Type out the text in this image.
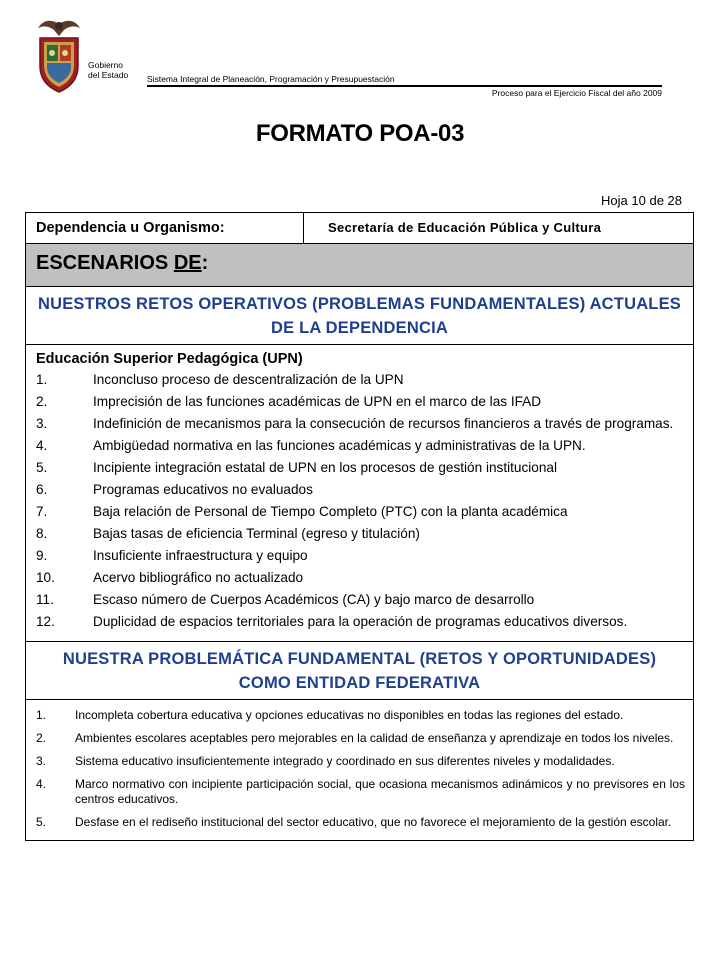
Gobierno
del Estado Sistema Integral de Planeación, Programación y Presupuestación
Proceso para el Ejercicio Fiscal del año 2009
FORMATO POA-03
Hoja 10 de 28
Dependencia u Organismo:	Secretaría de Educación Pública y Cultura
ESCENARIOS DE:
NUESTROS RETOS OPERATIVOS (PROBLEMAS FUNDAMENTALES) ACTUALES DE LA DEPENDENCIA
Educación Superior Pedagógica (UPN)
1.	Inconcluso proceso de descentralización de la UPN
2.	Imprecisión de las funciones académicas de UPN en el marco de las IFAD
3.	Indefinición de mecanismos para la consecución de recursos financieros a través de programas.
4.	Ambigüedad normativa en las funciones académicas y administrativas de la UPN.
5.	Incipiente integración estatal de UPN en los procesos de gestión institucional
6.	Programas educativos no evaluados
7.	Baja relación de Personal de Tiempo Completo (PTC) con la planta académica
8.	Bajas tasas de eficiencia Terminal (egreso y titulación)
9.	Insuficiente infraestructura y equipo
10.	Acervo bibliográfico no actualizado
11.	Escaso número de Cuerpos Académicos (CA) y bajo marco de desarrollo
12.	Duplicidad de espacios territoriales para la operación de programas educativos diversos.
NUESTRA PROBLEMÁTICA FUNDAMENTAL (RETOS Y OPORTUNIDADES) COMO ENTIDAD FEDERATIVA
1.	Incompleta cobertura educativa y opciones educativas no disponibles en todas las regiones del estado.
2.	Ambientes escolares aceptables pero mejorables en la calidad de enseñanza y aprendizaje en todos los niveles.
3.	Sistema educativo insuficientemente integrado y coordinado en sus diferentes niveles y modalidades.
4.	Marco normativo con incipiente participación social, que ocasiona mecanismos adinámicos y no previsores en los centros educativos.
5.	Desfase en el rediseño institucional del sector educativo, que no favorece el mejoramiento de la gestión escolar.
